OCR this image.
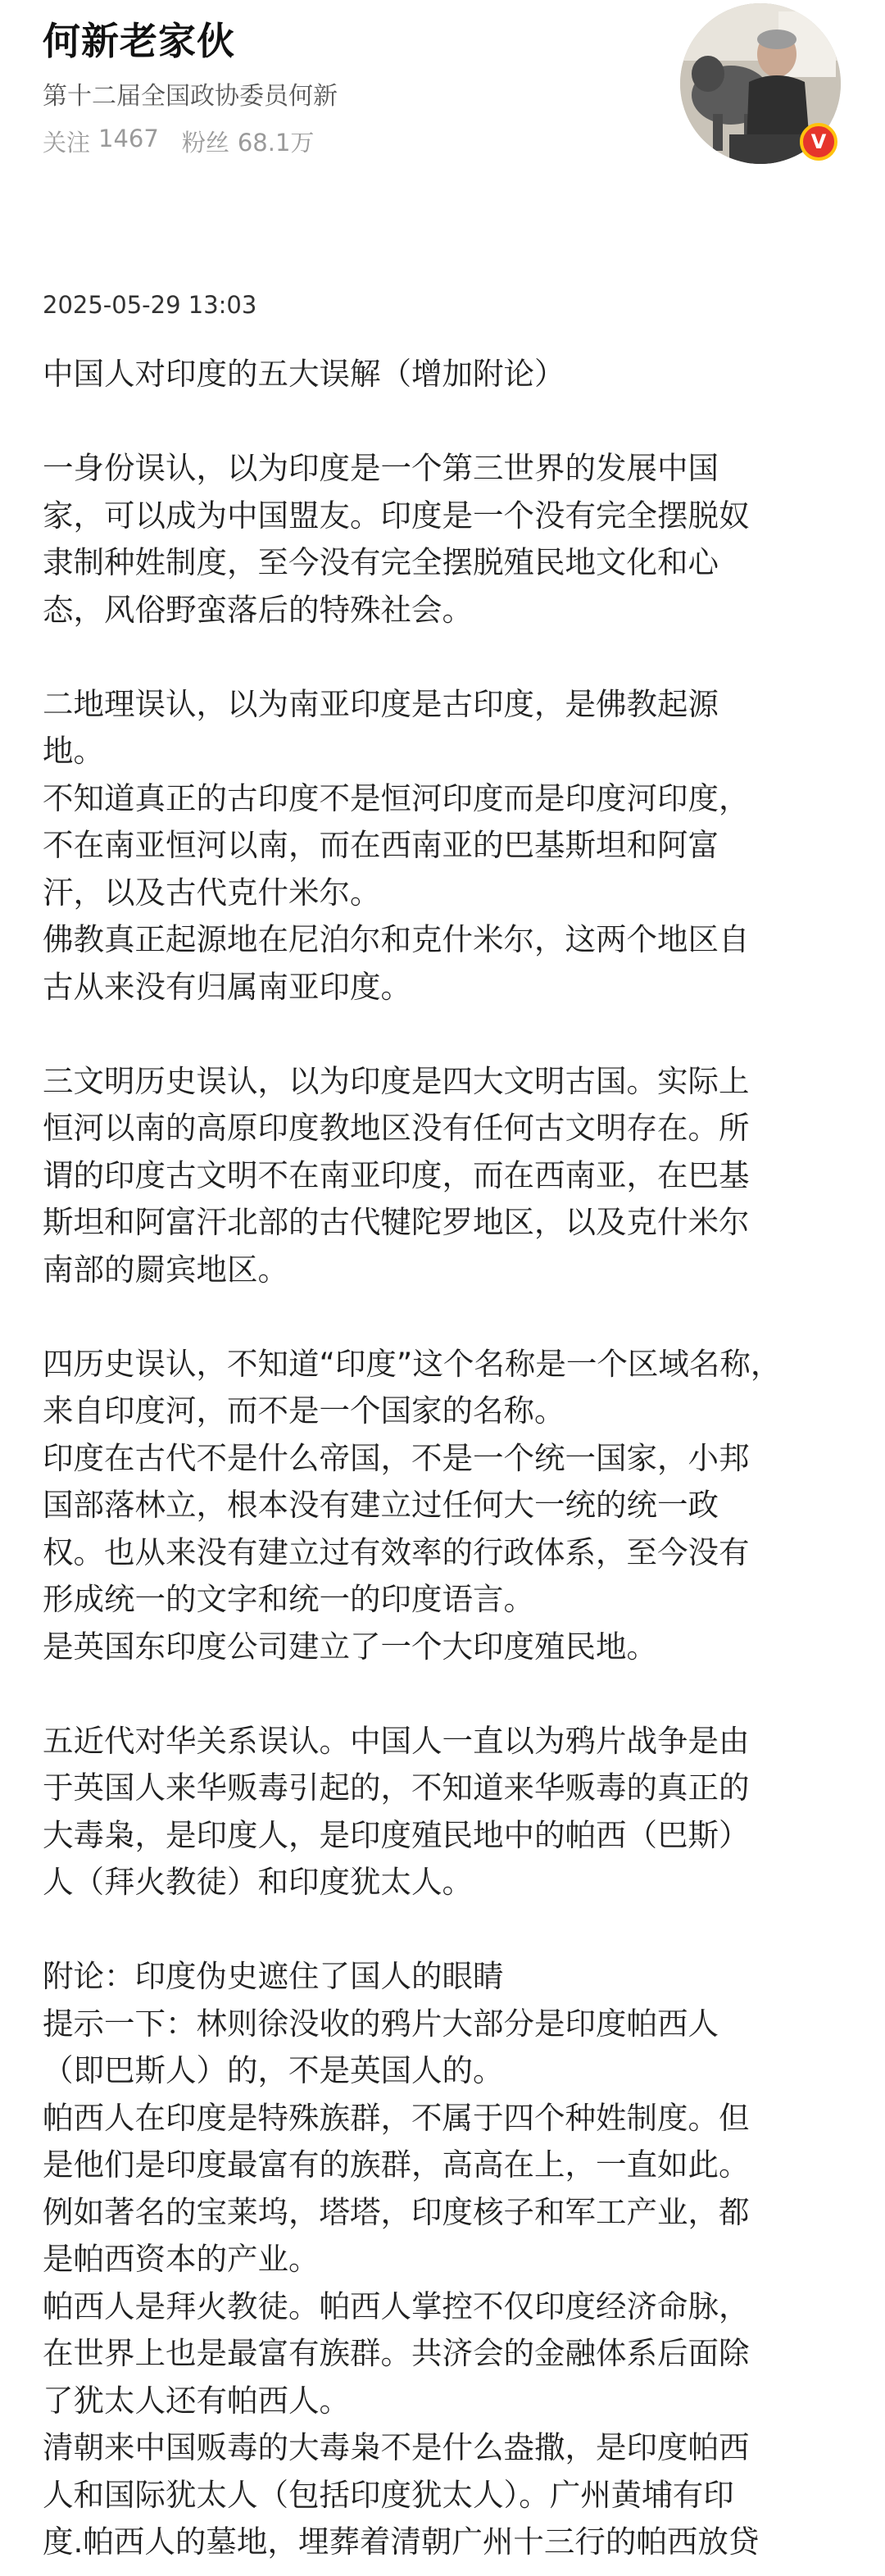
何新老家伙
第十二届全国政协委员何新
关注 1467 粉丝 68.1万	V
2025-05-29 13:03
中国人对印度的五大误解（增加附论）
一身份误认，以为印度是一个第三世界的发展中国
家，可以成为中国盟友。印度是一个没有完全摆脱奴
隶制种姓制度，至今没有完全摆脱殖民地文化和心
态，风俗野蛮落后的特殊社会。
二地理误认，以为南亚印度是古印度，是佛教起源
地。
不知道真正的古印度不是恒河印度而是印度河印度，
不在南亚恒河以南，而在西南亚的巴基斯坦和阿富
汗，以及古代克什米尔。
佛教真正起源地在尼泊尔和克什米尔，这两个地区自
古从来没有归属南亚印度。
三文明历史误认，以为印度是四大文明古国。实际上
恒河以南的高原印度教地区没有任何古文明存在。所
谓的印度古文明不在南亚印度，而在西南亚，在巴基
斯坦和阿富汗北部的古代犍陀罗地区，以及克什米尔
南部的罽宾地区。
四历史误认，不知道“印度”这个名称是一个区域名称，
来自印度河，而不是一个国家的名称。
印度在古代不是什么帝国，不是一个统一国家，小邦
国部落林立，根本没有建立过任何大一统的统一政
权。也从来没有建立过有效率的行政体系，至今没有
形成统一的文字和统一的印度语言。
是英国东印度公司建立了一个大印度殖民地。
五近代对华关系误认。中国人一直以为鸦片战争是由
于英国人来华贩毒引起的，不知道来华贩毒的真正的
大毒枭，是印度人，是印度殖民地中的帕西（巴斯）
人（拜火教徒）和印度犹太人。
附论：印度伪史遮住了国人的眼睛
提示一下：林则徐没收的鸦片大部分是印度帕西人
（即巴斯人）的，不是英国人的。
帕西人在印度是特殊族群，不属于四个种姓制度。但
是他们是印度最富有的族群，高高在上，一直如此。
例如著名的宝莱坞，塔塔，印度核子和军工产业，都
是帕西资本的产业。
帕西人是拜火教徒。帕西人掌控不仅印度经济命脉，
在世界上也是最富有族群。共济会的金融体系后面除
了犹太人还有帕西人。
清朝来中国贩毒的大毒枭不是什么盎撒，是印度帕西
人和国际犹太人（包括印度犹太人）。广州黄埔有印
度.帕西人的墓地，埋葬着清朝广州十三行的帕西放贷
